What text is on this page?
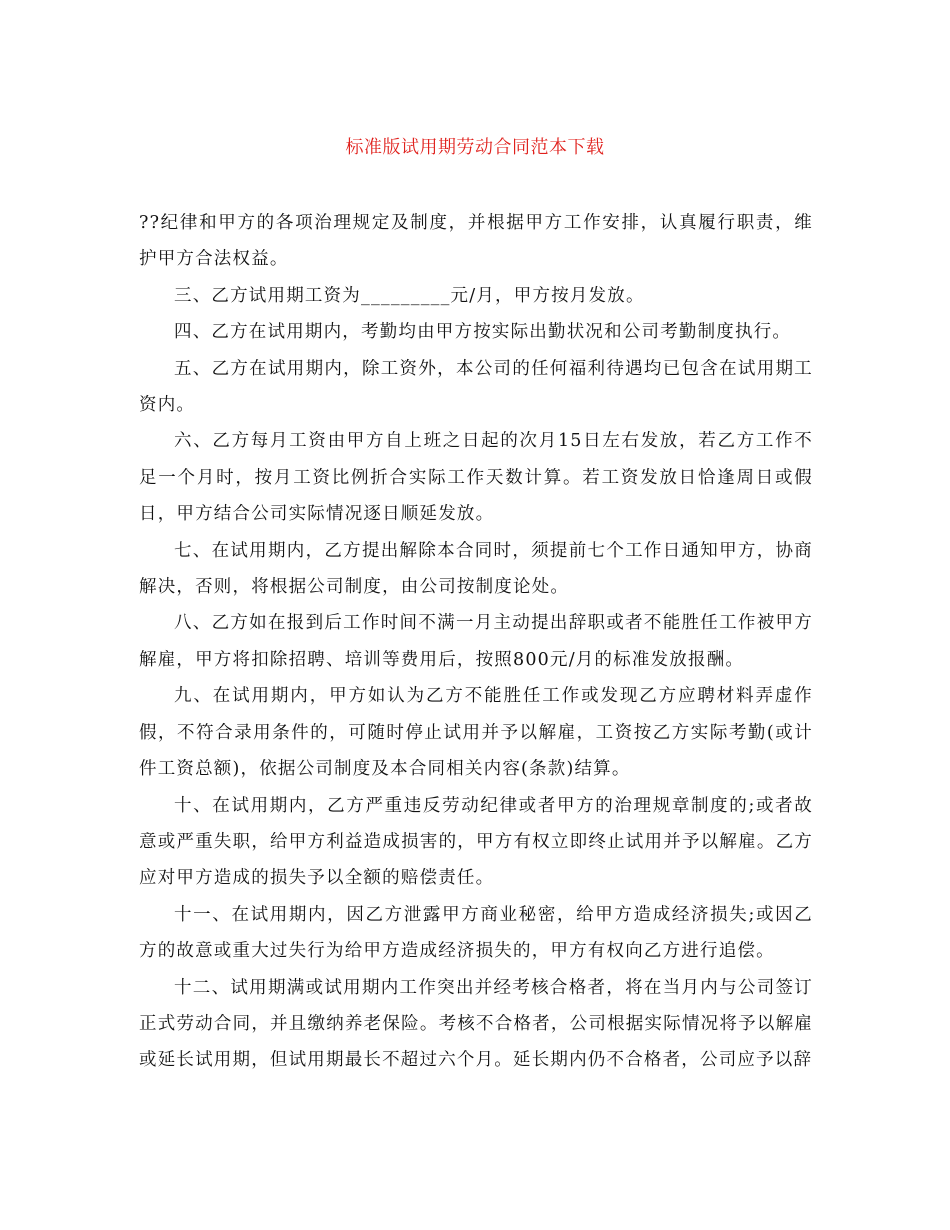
标准版试用期劳动合同范本下载

??纪律和甲方的各项治理规定及制度，并根据甲方工作安排，认真履行职责，维护甲方合法权益。

三、乙方试用期工资为_________元/月，甲方按月发放。

四、乙方在试用期内，考勤均由甲方按实际出勤状况和公司考勤制度执行。

五、乙方在试用期内，除工资外，本公司的任何福利待遇均已包含在试用期工资内。

六、乙方每月工资由甲方自上班之日起的次月15日左右发放，若乙方工作不足一个月时，按月工资比例折合实际工作天数计算。若工资发放日恰逢周日或假日，甲方结合公司实际情况逐日顺延发放。

七、在试用期内，乙方提出解除本合同时，须提前七个工作日通知甲方，协商解决，否则，将根据公司制度，由公司按制度论处。

八、乙方如在报到后工作时间不满一月主动提出辞职或者不能胜任工作被甲方解雇，甲方将扣除招聘、培训等费用后，按照800元/月的标准发放报酬。

九、在试用期内，甲方如认为乙方不能胜任工作或发现乙方应聘材料弄虚作假，不符合录用条件的，可随时停止试用并予以解雇，工资按乙方实际考勤(或计件工资总额)，依据公司制度及本合同相关内容(条款)结算。

十、在试用期内，乙方严重违反劳动纪律或者甲方的治理规章制度的;或者故意或严重失职，给甲方利益造成损害的，甲方有权立即终止试用并予以解雇。乙方应对甲方造成的损失予以全额的赔偿责任。

十一、在试用期内，因乙方泄露甲方商业秘密，给甲方造成经济损失;或因乙方的故意或重大过失行为给甲方造成经济损失的，甲方有权向乙方进行追偿。

十二、试用期满或试用期内工作突出并经考核合格者，将在当月内与公司签订正式劳动合同，并且缴纳养老保险。考核不合格者，公司根据实际情况将予以解雇或延长试用期，但试用期最长不超过六个月。延长期内仍不合格者，公司应予以辞
